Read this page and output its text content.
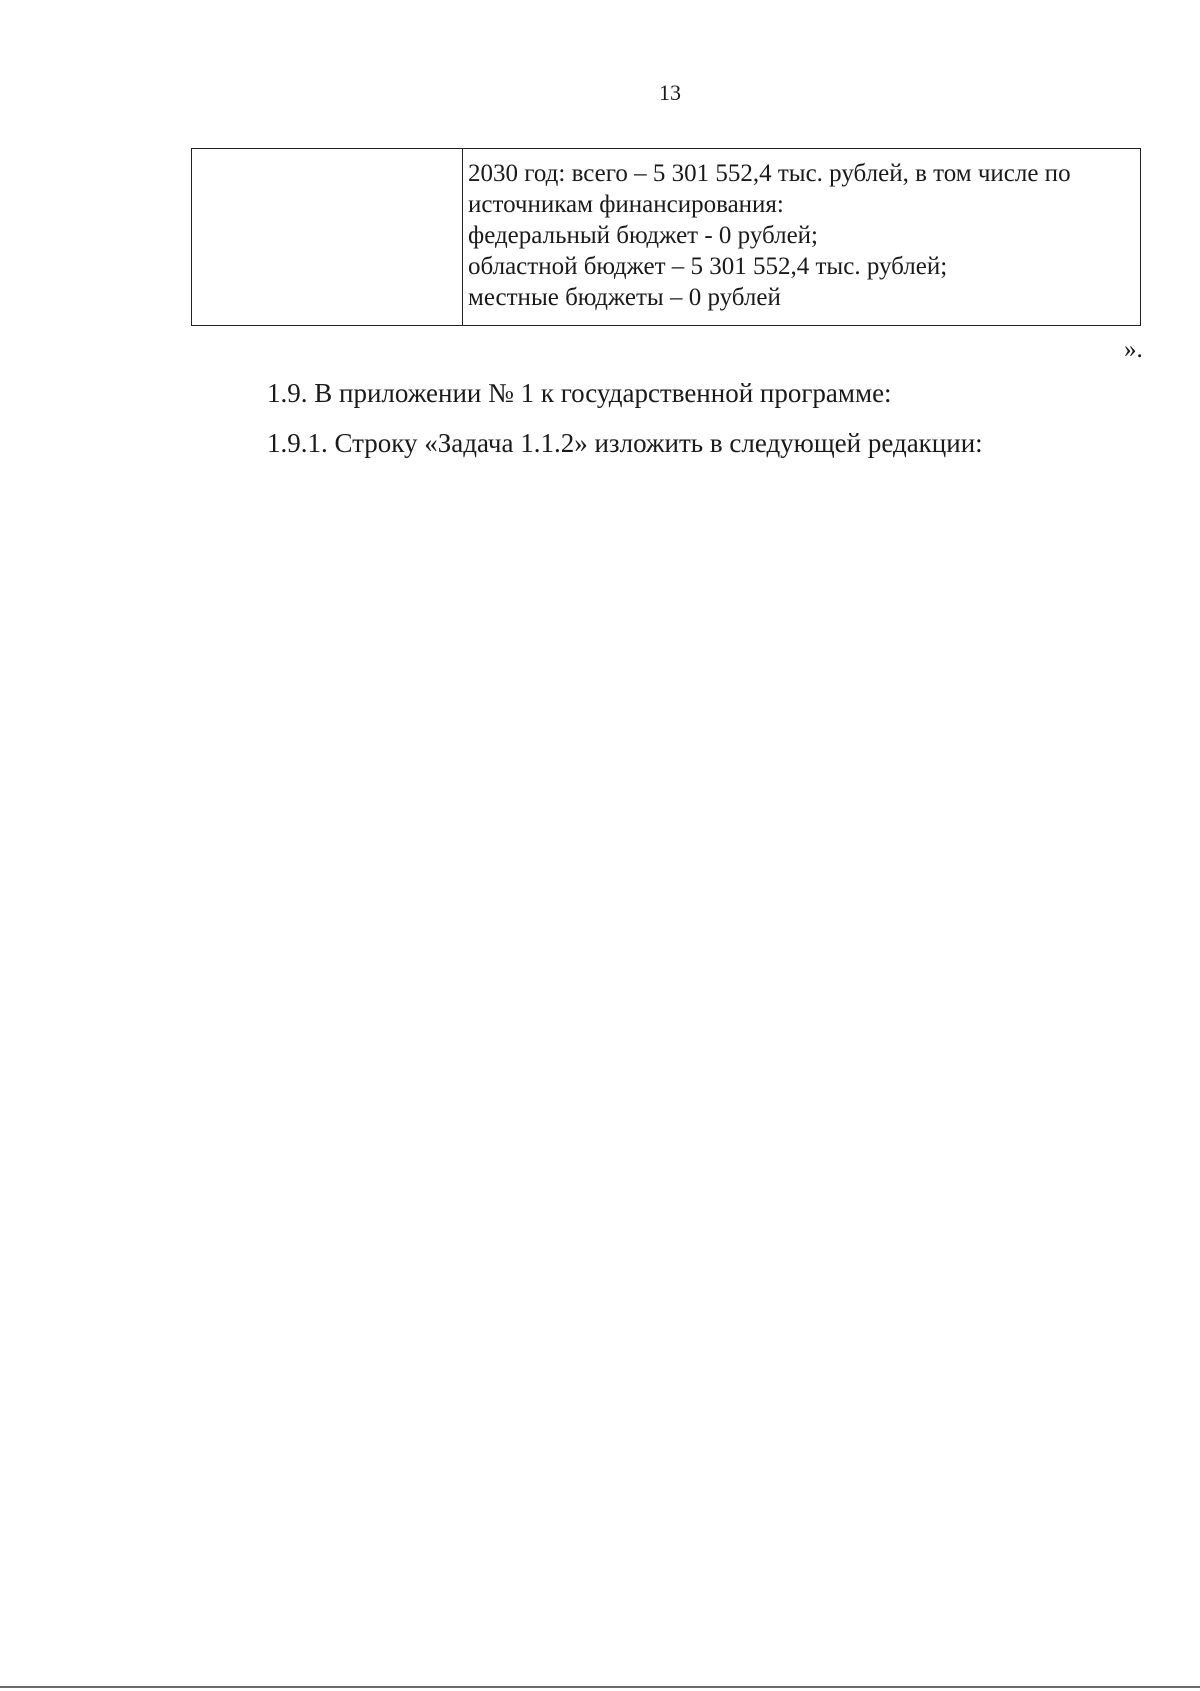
13
2030 год: всего – 5 301 552,4 тыс. рублей, в том числе по
источникам финансирования:
федеральный бюджет - 0 рублей;
областной бюджет – 5 301 552,4 тыс. рублей;
местные бюджеты – 0 рублей
».
1.9. В приложении № 1 к государственной программе:
1.9.1. Строку «Задача 1.1.2» изложить в следующей редакции:
